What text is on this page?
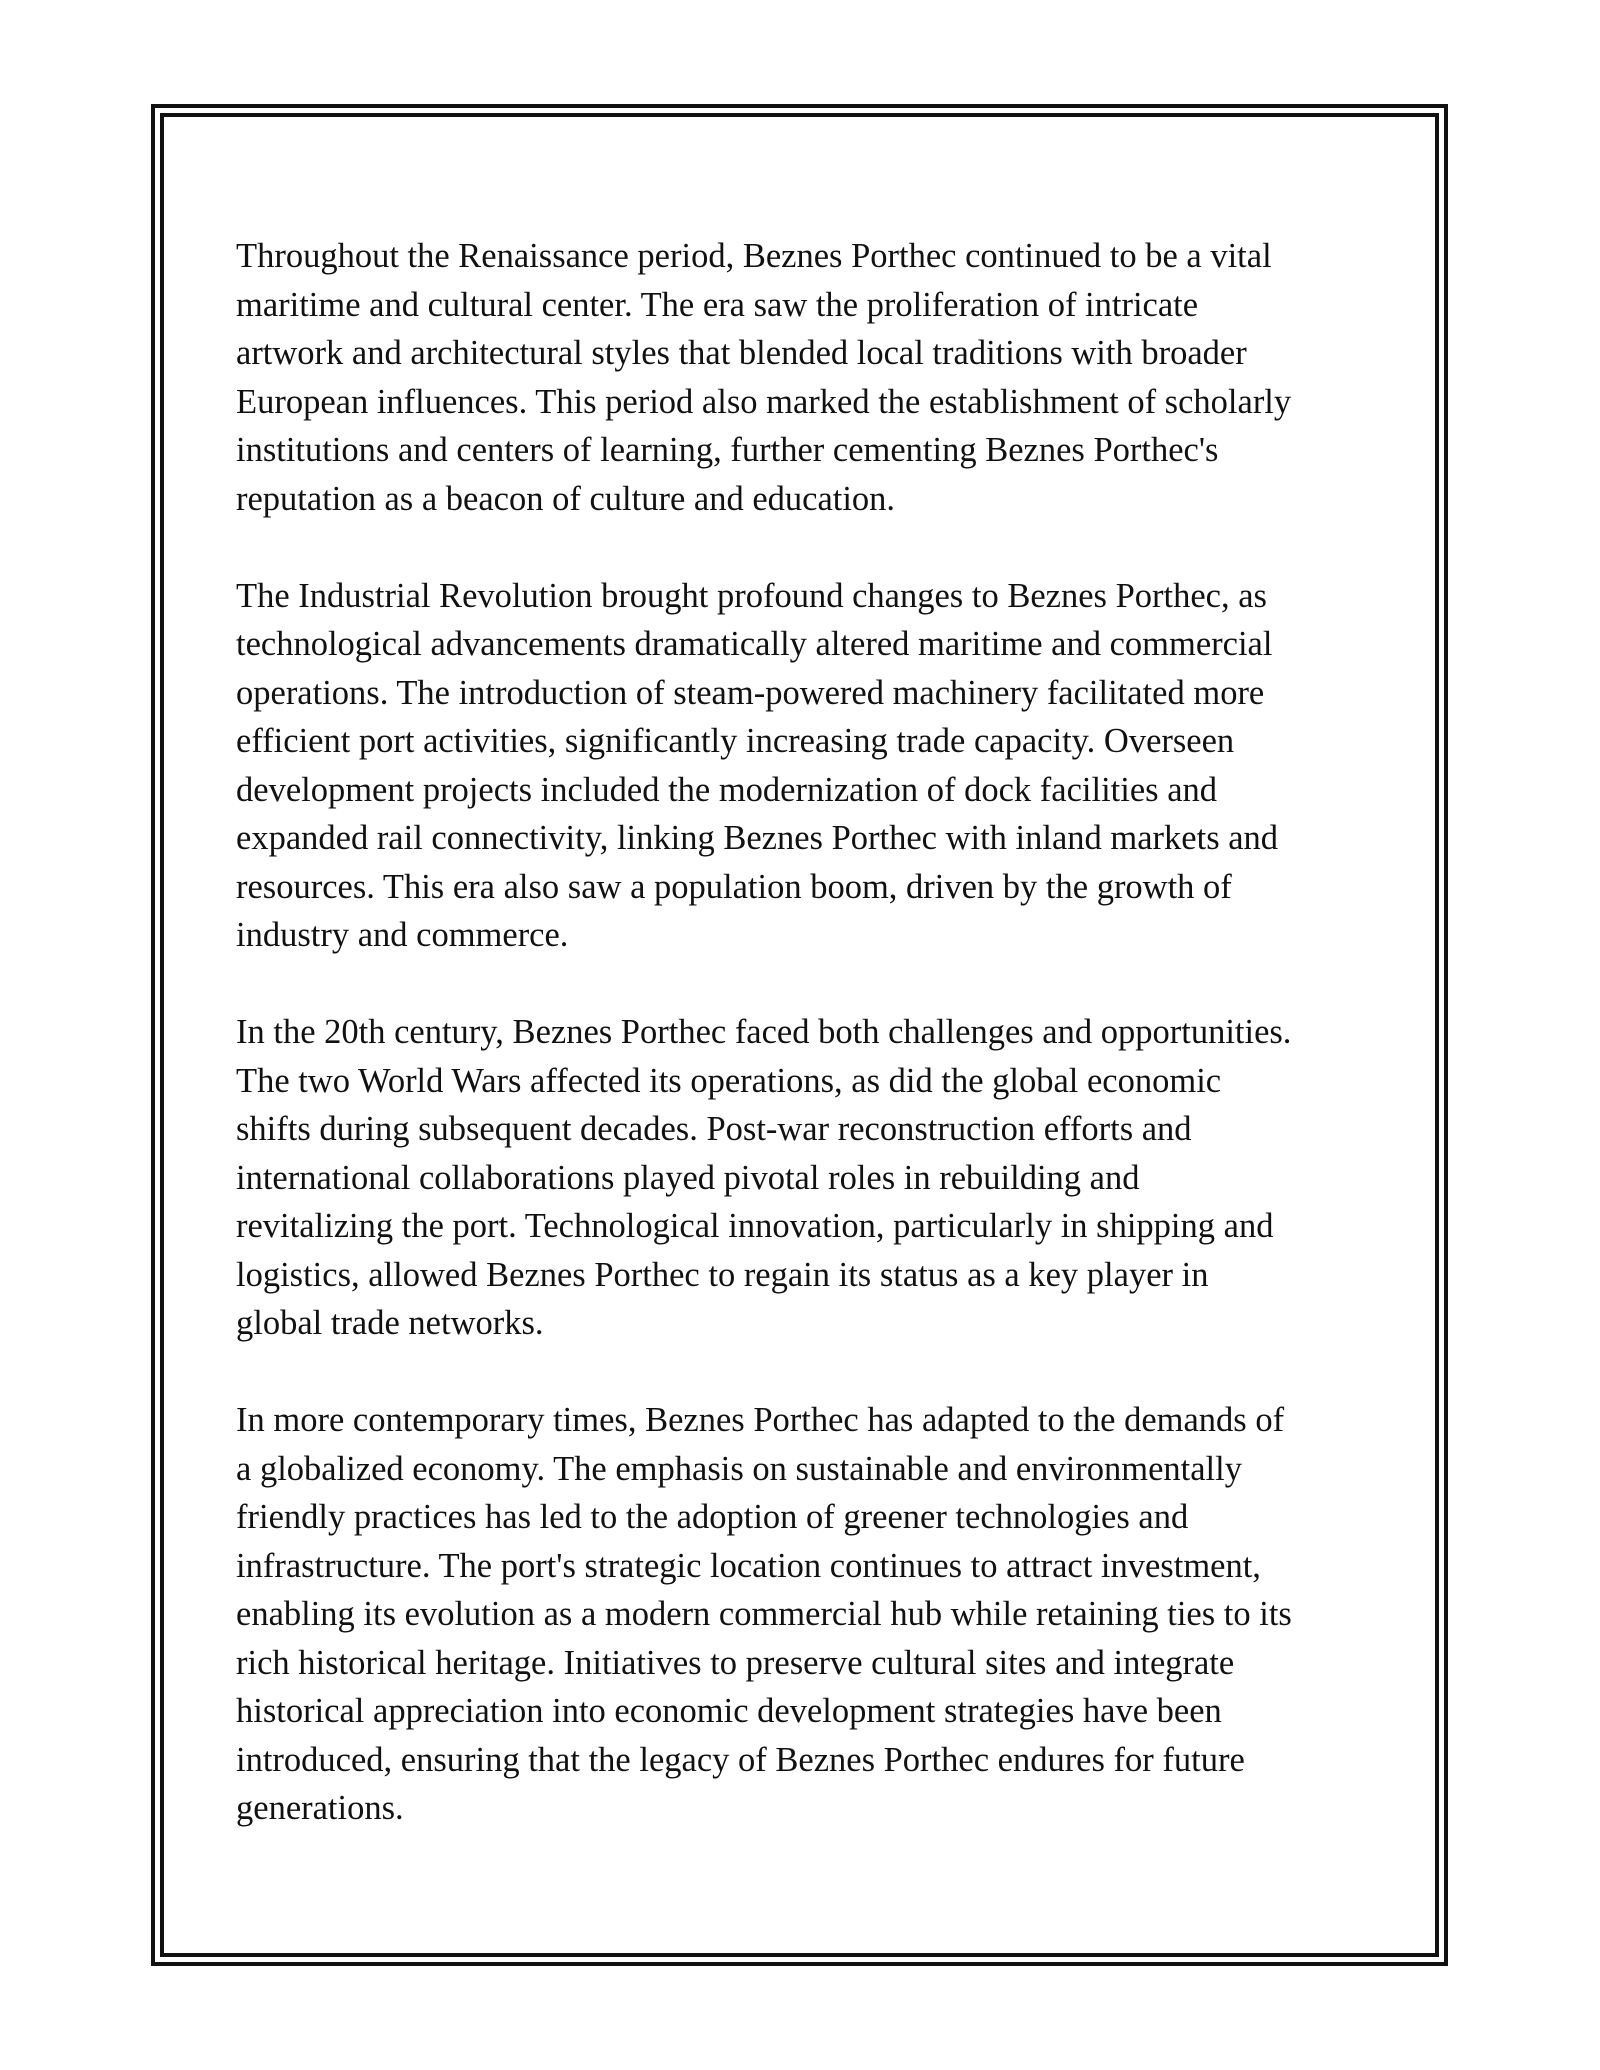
Throughout the Renaissance period, Beznes Porthec continued to be a vital
maritime and cultural center. The era saw the proliferation of intricate
artwork and architectural styles that blended local traditions with broader
European influences. This period also marked the establishment of scholarly
institutions and centers of learning, further cementing Beznes Porthec's
reputation as a beacon of culture and education.

The Industrial Revolution brought profound changes to Beznes Porthec, as
technological advancements dramatically altered maritime and commercial
operations. The introduction of steam-powered machinery facilitated more
efficient port activities, significantly increasing trade capacity. Overseen
development projects included the modernization of dock facilities and
expanded rail connectivity, linking Beznes Porthec with inland markets and
resources. This era also saw a population boom, driven by the growth of
industry and commerce.

In the 20th century, Beznes Porthec faced both challenges and opportunities.
The two World Wars affected its operations, as did the global economic
shifts during subsequent decades. Post-war reconstruction efforts and
international collaborations played pivotal roles in rebuilding and
revitalizing the port. Technological innovation, particularly in shipping and
logistics, allowed Beznes Porthec to regain its status as a key player in
global trade networks.

In more contemporary times, Beznes Porthec has adapted to the demands of
a globalized economy. The emphasis on sustainable and environmentally
friendly practices has led to the adoption of greener technologies and
infrastructure. The port's strategic location continues to attract investment,
enabling its evolution as a modern commercial hub while retaining ties to its
rich historical heritage. Initiatives to preserve cultural sites and integrate
historical appreciation into economic development strategies have been
introduced, ensuring that the legacy of Beznes Porthec endures for future
generations.
